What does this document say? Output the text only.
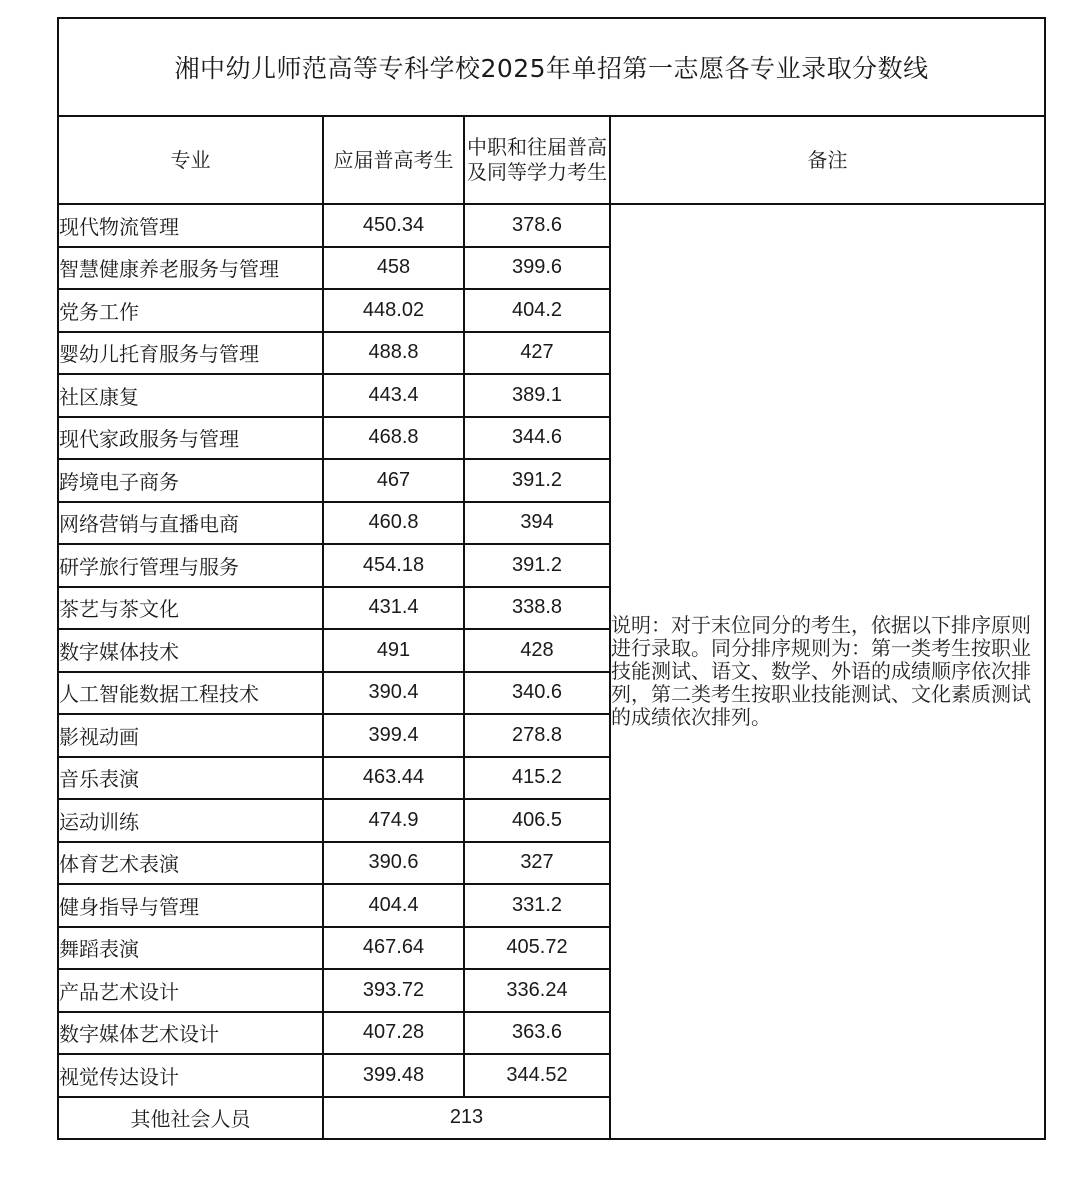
湘中幼儿师范高等专科学校2025年单招第一志愿各专业录取分数线			
专业	应届普高考生	中职和往届普高及同等学力考生	备注
现代物流管理	450.34	378.6	说明：对于末位同分的考生，依据以下排序原则进行录取。同分排序规则为：第一类考生按职业技能测试、语文、数学、外语的成绩顺序依次排列，第二类考生按职业技能测试、文化素质测试的成绩依次排列。
智慧健康养老服务与管理	458	399.6	
党务工作	448.02	404.2	
婴幼儿托育服务与管理	488.8	427	
社区康复	443.4	389.1	
现代家政服务与管理	468.8	344.6	
跨境电子商务	467	391.2	
网络营销与直播电商	460.8	394	
研学旅行管理与服务	454.18	391.2	
茶艺与茶文化	431.4	338.8	
数字媒体技术	491	428	
人工智能数据工程技术	390.4	340.6	
影视动画	399.4	278.8	
音乐表演	463.44	415.2	
运动训练	474.9	406.5	
体育艺术表演	390.6	327	
健身指导与管理	404.4	331.2	
舞蹈表演	467.64	405.72	
产品艺术设计	393.72	336.24	
数字媒体艺术设计	407.28	363.6	
视觉传达设计	399.48	344.52	
其他社会人员	213		
